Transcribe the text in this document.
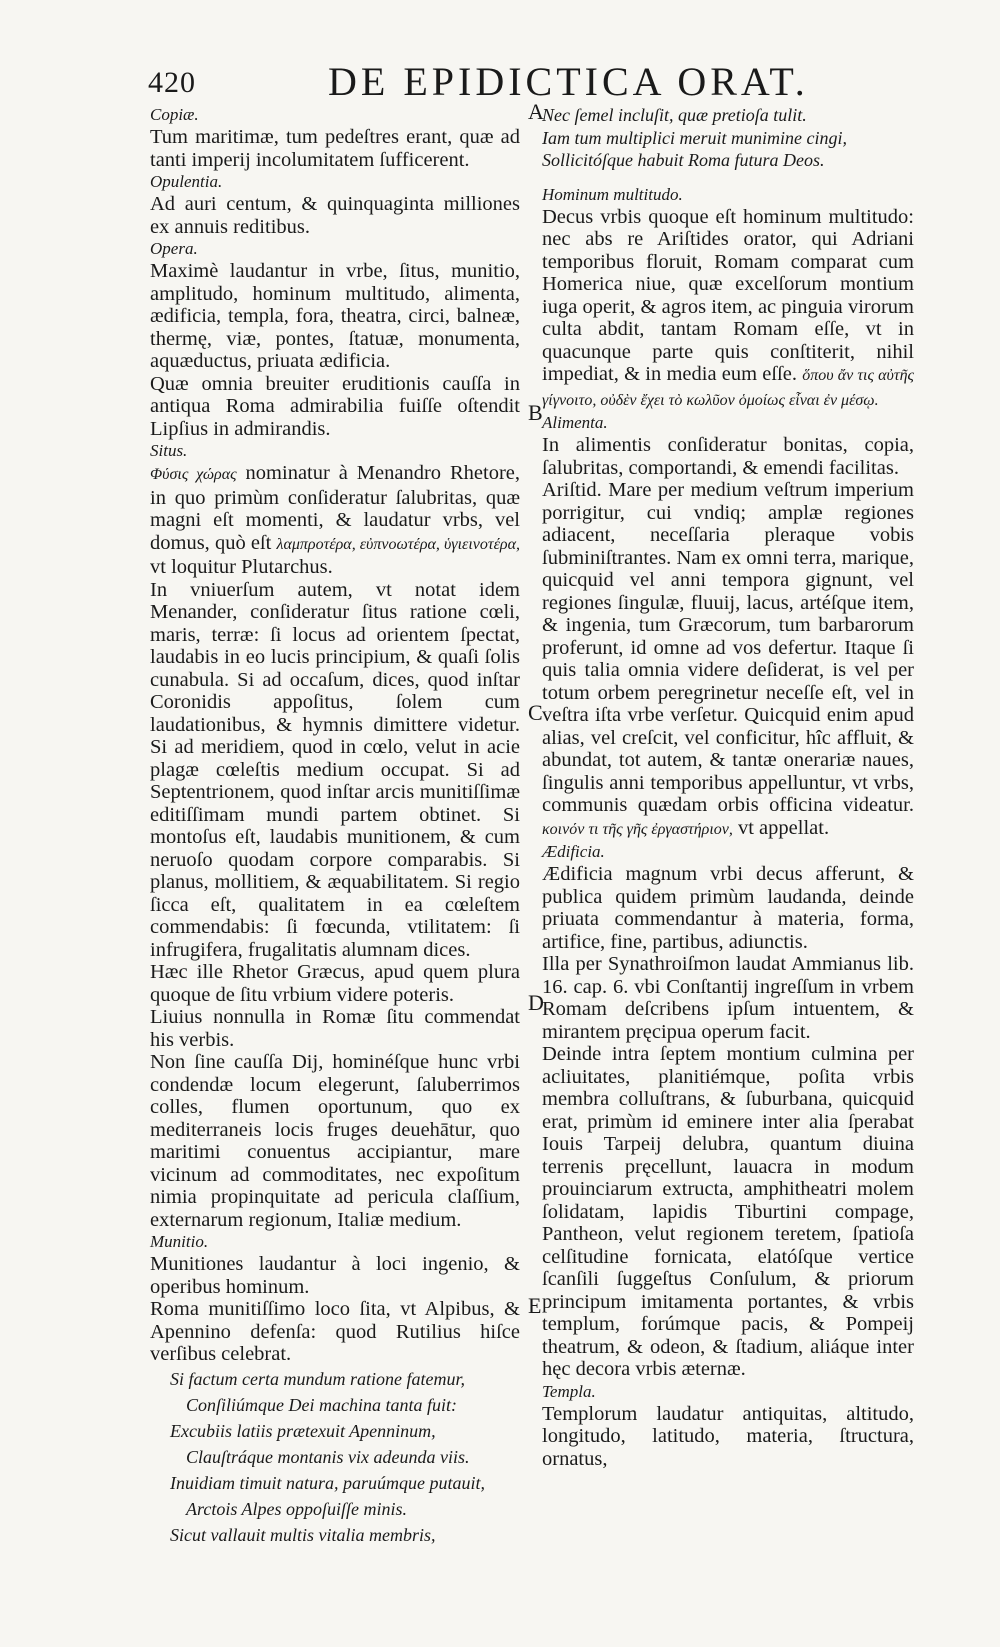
420	DE EPIDICTICA ORAT.
A
B
C
D
E

Copiæ.

Tum maritimæ, tum pedeſtres erant, quæ ad tanti imperij incolumitatem ſufficerent.

Opulentia.

Ad auri centum, & quinquaginta milliones ex annuis reditibus.

Opera.

Maximè laudantur in vrbe, ſitus, munitio, amplitudo, hominum multitudo, alimenta, ædificia, templa, fora, theatra, circi, balneæ, thermę, viæ, pontes, ſtatuæ, monumenta, aquæductus, priuata ædificia.

Quæ omnia breuiter eruditionis cauſſa in antiqua Roma admirabilia fuiſſe oſtendit Lipſius in admirandis.

Situs.

Φύσις χώρας nominatur à Menandro Rhetore, in quo primùm conſideratur ſalubritas, quæ magni eſt momenti, & laudatur vrbs, vel domus, quò eſt λαμπροτέρα, εὐπνοωτέρα, ὑγιεινοτέρα, vt loquitur Plutarchus.

In vniuerſum autem, vt notat idem Menander, conſideratur ſitus ratione cœli, maris, terræ: ſi locus ad orientem ſpectat, laudabis in eo lucis principium, & quaſi ſolis cunabula. Si ad occaſum, dices, quod inſtar Coronidis appoſitus, ſolem cum laudationibus, & hymnis dimittere videtur. Si ad meridiem, quod in cœlo, velut in acie plagæ cœleſtis medium occupat. Si ad Septentrionem, quod inſtar arcis munitiſſimæ editiſſimam mundi partem obtinet. Si montoſus eſt, laudabis munitionem, & cum neruoſo quodam corpore comparabis. Si planus, mollitiem, & æquabilitatem. Si regio ſicca eſt, qualitatem in ea cœleſtem commendabis: ſi fœcunda, vtilitatem: ſi infrugifera, frugalitatis alumnam dices.

Hæc ille Rhetor Græcus, apud quem plura quoque de ſitu vrbium videre poteris.

Liuius nonnulla in Romæ ſitu commendat his verbis.

Non ſine cauſſa Dij, hominéſque hunc vrbi condendæ locum elegerunt, ſaluberrimos colles, flumen oportunum, quo ex mediterraneis locis fruges deuehātur, quo maritimi conuentus accipiantur, mare vicinum ad commoditates, nec expoſitum nimia propinquitate ad pericula claſſium, externarum regionum, Italiæ medium.

Munitio.

Munitiones laudantur à loci ingenio, & operibus hominum.

Roma munitiſſimo loco ſita, vt Alpibus, & Apennino defenſa: quod Rutilius hiſce verſibus celebrat.

Si factum certa mundum ratione fatemur,

Conſiliúmque Dei machina tanta fuit:

Excubiis latiis prætexuit Apenninum,

Clauſtráque montanis vix adeunda viis.

Inuidiam timuit natura, paruúmque putauit,

Arctois Alpes oppoſuiſſe minis.

Sicut vallauit multis vitalia membris,

Nec ſemel incluſit, quæ pretioſa tulit.

Iam tum multiplici meruit munimine cingi,

Sollicitóſque habuit Roma futura Deos.

Hominum multitudo.

Decus vrbis quoque eſt hominum multitudo: nec abs re Ariſtides orator, qui Adriani temporibus floruit, Romam comparat cum Homerica niue, quæ excelſorum montium iuga operit, & agros item, ac pinguia virorum culta abdit, tantam Romam eſſe, vt in quacunque parte quis conſtiterit, nihil impediat, & in media eum eſſe. ὅπου ἄν τις αὐτῆς γίγνοιτο, οὐδὲν ἔχει τὸ κωλῦον ὁμοίως εἶναι ἐν μέσῳ.

Alimenta.

In alimentis conſideratur bonitas, copia, ſalubritas, comportandi, & emendi facilitas.

Ariſtid. Mare per medium veſtrum imperium porrigitur, cui vndiq; amplæ regiones adiacent, neceſſaria pleraque vobis ſubminiſtrantes. Nam ex omni terra, marique, quicquid vel anni tempora gignunt, vel regiones ſingulæ, fluuij, lacus, artéſque item, & ingenia, tum Græcorum, tum barbarorum proferunt, id omne ad vos defertur. Itaque ſi quis talia omnia videre deſiderat, is vel per totum orbem peregrinetur neceſſe eſt, vel in veſtra iſta vrbe verſetur. Quicquid enim apud alias, vel creſcit, vel conficitur, hîc affluit, & abundat, tot autem, & tantæ onerariæ naues, ſingulis anni temporibus appelluntur, vt vrbs, communis quædam orbis officina videatur. κοινόν τι τῆς γῆς ἐργαστήριον, vt appellat.

Ædificia.

Ædificia magnum vrbi decus afferunt, & publica quidem primùm laudanda, deinde priuata commendantur à materia, forma, artifice, fine, partibus, adiunctis.

Illa per Synathroiſmon laudat Ammianus lib. 16. cap. 6. vbi Conſtantij ingreſſum in vrbem Romam deſcribens ipſum intuentem, & mirantem pręcipua operum facit.

Deinde intra ſeptem montium culmina per acliuitates, planitiémque, poſita vrbis membra colluſtrans, & ſuburbana, quicquid erat, primùm id eminere inter alia ſperabat Iouis Tarpeij delubra, quantum diuina terrenis pręcellunt, lauacra in modum prouinciarum extructa, amphitheatri molem ſolidatam, lapidis Tiburtini compage, Pantheon, velut regionem teretem, ſpatioſa celſitudine fornicata, elatóſque vertice ſcanſili ſuggeſtus Conſulum, & priorum principum imitamenta portantes, & vrbis templum, forúmque pacis, & Pompeij theatrum, & odeon, & ſtadium, aliáque inter hęc decora vrbis æternæ.

Templa.

Templorum laudatur antiquitas, altitudo, longitudo, latitudo, materia, ſtructura, ornatus,
